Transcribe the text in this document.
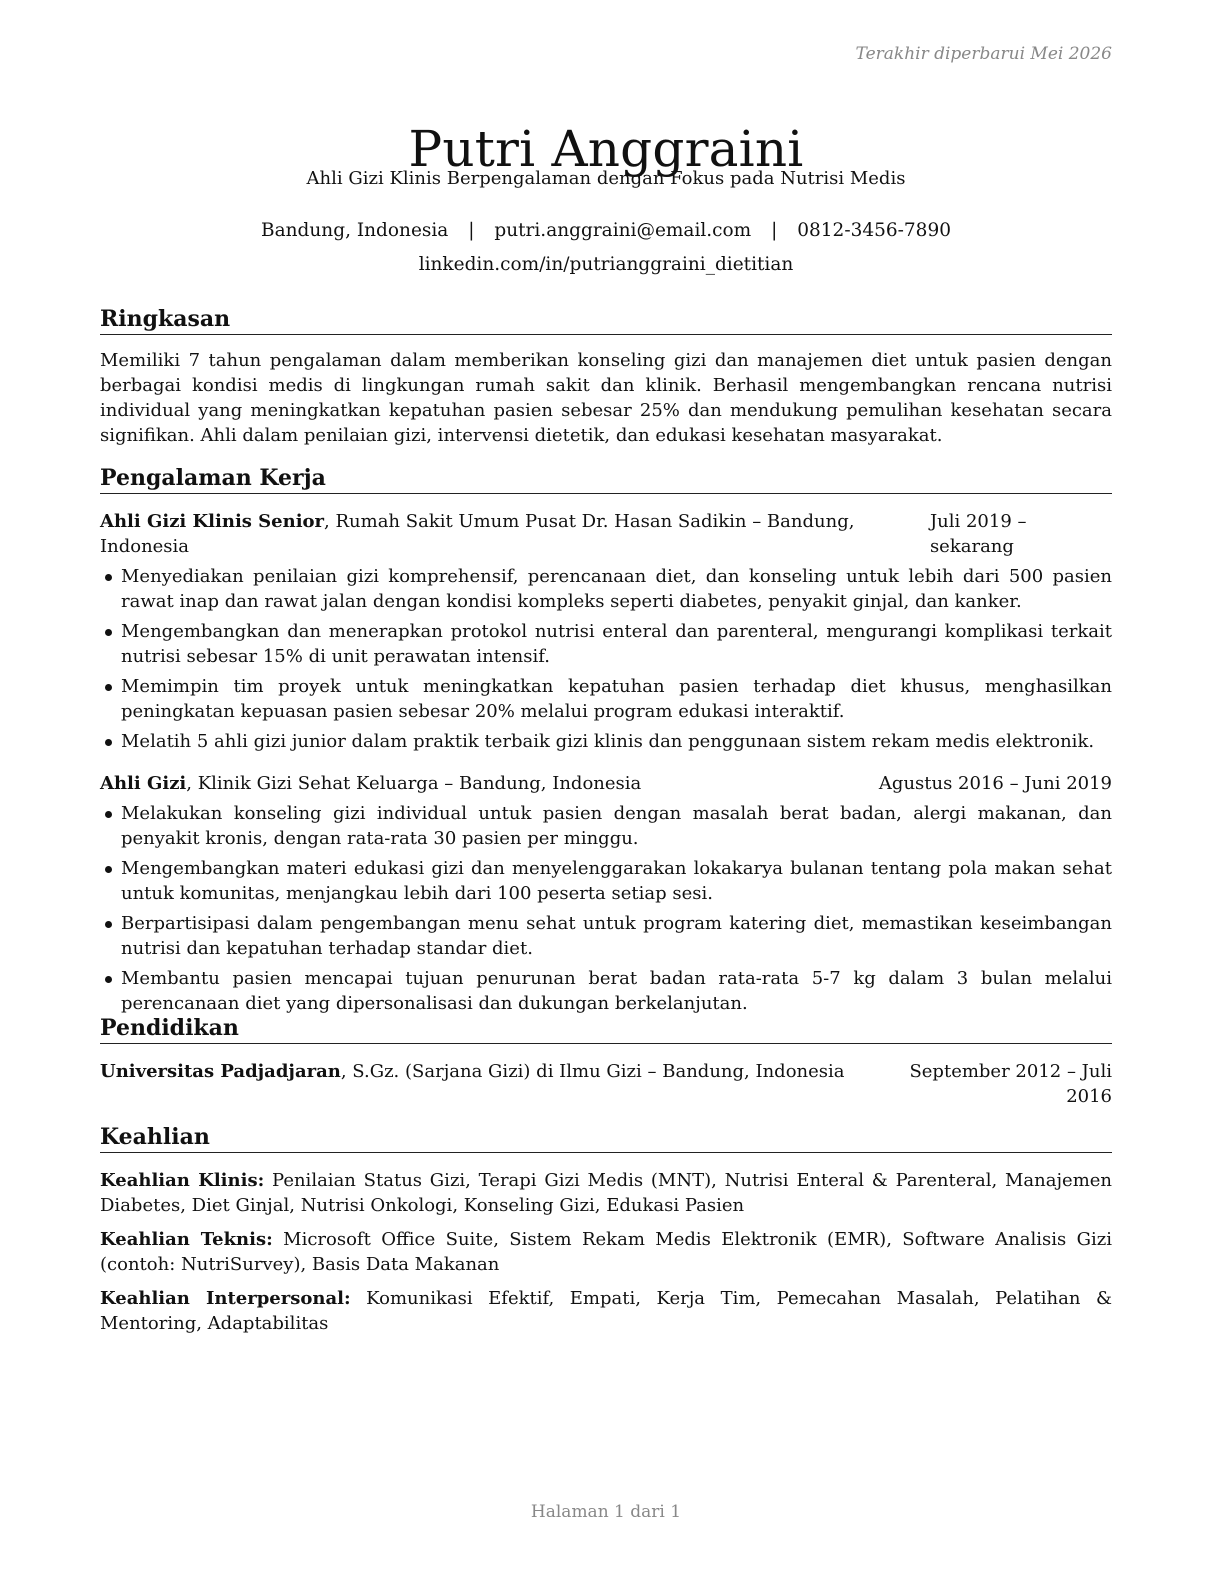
Terakhir diperbarui Mei 2026
Putri Anggraini
Ahli Gizi Klinis Berpengalaman dengan Fokus pada Nutrisi Medis
Bandung, Indonesia | putri.anggraini@email.com | 0812-3456-7890
linkedin.com/in/putrianggraini_dietitian
Ringkasan

Memiliki 7 tahun pengalaman dalam memberikan konseling gizi dan manajemen diet untuk pasien dengan berbagai kondisi medis di lingkungan rumah sakit dan klinik. Berhasil mengembangkan rencana nutrisi individual yang meningkatkan kepatuhan pasien sebesar 25% dan mendukung pemulihan kesehatan secara signifikan. Ahli dalam penilaian gizi, intervensi dietetik, dan edukasi kesehatan masyarakat.

Pengalaman Kerja
Ahli Gizi Klinis Senior, Rumah Sakit Umum Pusat Dr. Hasan Sadikin – Bandung, Indonesia
Juli 2019 – sekarang
Menyediakan penilaian gizi komprehensif, perencanaan diet, dan konseling untuk lebih dari 500 pasien rawat inap dan rawat jalan dengan kondisi kompleks seperti diabetes, penyakit ginjal, dan kanker.
Mengembangkan dan menerapkan protokol nutrisi enteral dan parenteral, mengurangi komplikasi terkait nutrisi sebesar 15% di unit perawatan intensif.
Memimpin tim proyek untuk meningkatkan kepatuhan pasien terhadap diet khusus, menghasilkan peningkatan kepuasan pasien sebesar 20% melalui program edukasi interaktif.
Melatih 5 ahli gizi junior dalam praktik terbaik gizi klinis dan penggunaan sistem rekam medis elektronik.
Ahli Gizi, Klinik Gizi Sehat Keluarga – Bandung, Indonesia	Agustus 2016 – Juni 2019
Melakukan konseling gizi individual untuk pasien dengan masalah berat badan, alergi makanan, dan penyakit kronis, dengan rata-rata 30 pasien per minggu.
Mengembangkan materi edukasi gizi dan menyelenggarakan lokakarya bulanan tentang pola makan sehat untuk komunitas, menjangkau lebih dari 100 peserta setiap sesi.
Berpartisipasi dalam pengembangan menu sehat untuk program katering diet, memastikan keseimbangan nutrisi dan kepatuhan terhadap standar diet.
Membantu pasien mencapai tujuan penurunan berat badan rata-rata 5-7 kg dalam 3 bulan melalui perencanaan diet yang dipersonalisasi dan dukungan berkelanjutan.
Pendidikan
Universitas Padjadjaran, S.Gz. (Sarjana Gizi) di Ilmu Gizi – Bandung, Indonesia	September 2012 – Juli 2016
Keahlian

Keahlian Klinis: Penilaian Status Gizi, Terapi Gizi Medis (MNT), Nutrisi Enteral & Parenteral, Manajemen Diabetes, Diet Ginjal, Nutrisi Onkologi, Konseling Gizi, Edukasi Pasien

Keahlian Teknis: Microsoft Office Suite, Sistem Rekam Medis Elektronik (EMR), Software Analisis Gizi (contoh: NutriSurvey), Basis Data Makanan

Keahlian Interpersonal: Komunikasi Efektif, Empati, Kerja Tim, Pemecahan Masalah, Pelatihan & Mentoring, Adaptabilitas

Halaman 1 dari 1
